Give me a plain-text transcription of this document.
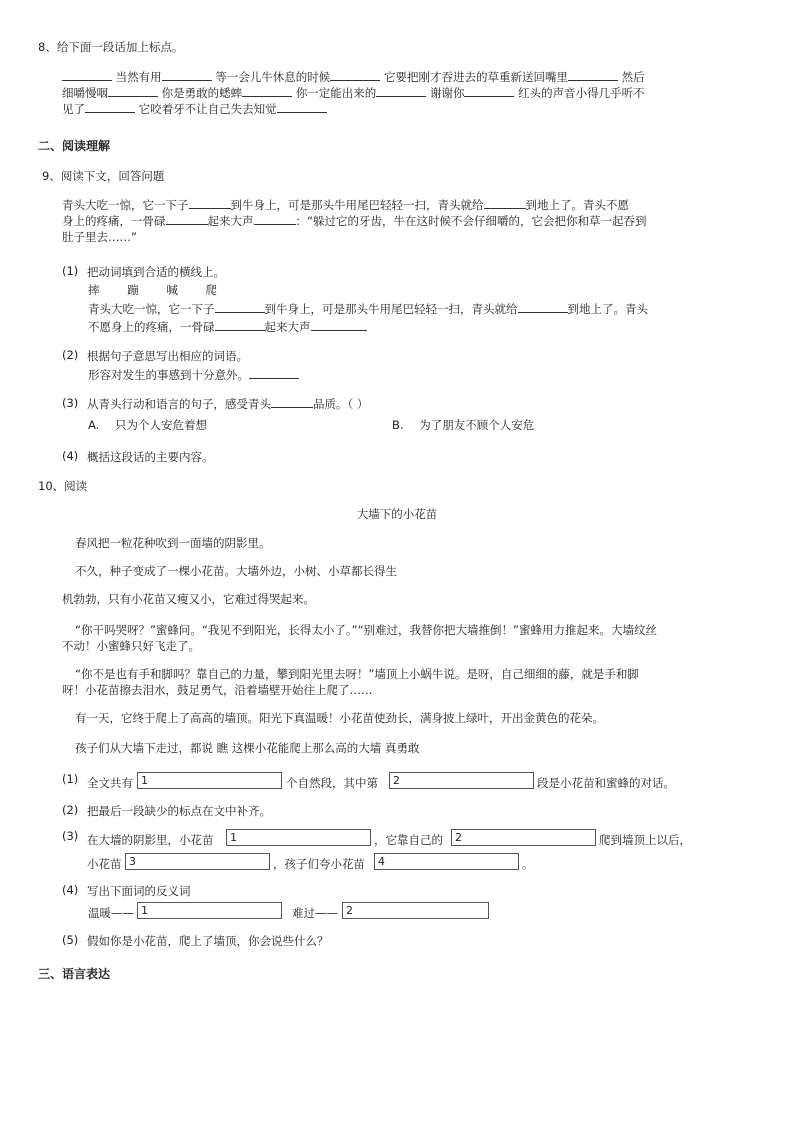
8、给下面一段话加上标点。
当然有用	等一会儿牛休息的时候	它要把刚才吞进去的草重新送回嘴里	然后
细嚼慢咽	你是勇敢的蟋蟀	你一定能出来的	谢谢你	红头的声音小得几乎听不
见了	它咬着牙不让自己失去知觉
二、阅读理解
9、阅读下文，回答问题
青头大吃一惊，它一下子	到牛身上，可是那头牛用尾巴轻轻一扫，青头就给	到地上了。青头不愿
身上的疼痛，一骨碌	起来大声	：“躲过它的牙齿，牛在这时候不会仔细嚼的，它会把你和草一起吞到
肚子里去……”
(1) 把动词填到合适的横线上。
摔 蹦 喊 爬
青头大吃一惊，它一下子	到牛身上，可是那头牛用尾巴轻轻一扫，青头就给	到地上了。青头
不愿身上的疼痛，一骨碌	起来大声
(2) 根据句子意思写出相应的词语。
形容对发生的事感到十分意外。
(3) 从青头行动和语言的句子，感受青头	品质。（ ）
A. 只为个人安危着想	B. 为了朋友不顾个人安危
(4) 概括这段话的主要内容。
10、阅读
大墙下的小花苗
春风把一粒花种吹到一面墙的阴影里。
不久，种子变成了一棵小花苗。大墙外边，小树、小草都长得生
机勃勃，只有小花苗又瘦又小，它难过得哭起来。
“你干吗哭呀？”蜜蜂问。“我见不到阳光，长得太小了。”“别难过，我替你把大墙推倒！”蜜蜂用力推起来。大墙纹丝
不动！小蜜蜂只好飞走了。
“你不是也有手和脚吗？靠自己的力量，攀到阳光里去呀！”墙顶上小蜗牛说。是呀，自己细细的藤，就是手和脚
呀！小花苗擦去泪水，鼓足勇气，沿着墙壁开始往上爬了……
有一天，它终于爬上了高高的墙顶。阳光下真温暖！小花苗使劲长，满身披上绿叶，开出金黄色的花朵。
孩子们从大墙下走过，都说 瞧 这棵小花能爬上那么高的大墙 真勇敢
(1) 全文共有 1	个自然段，其中第	2	段是小花苗和蜜蜂的对话。
(2) 把最后一段缺少的标点在文中补齐。
(3) 在大墙的阴影里，小花苗	1	，它靠自己的	2	爬到墙顶上以后，
小花苗 3	，孩子们夸小花苗	4	。
(4) 写出下面词的反义词
温暖—— 1	难过—— 2
(5) 假如你是小花苗，爬上了墙顶，你会说些什么？
三、语言表达
